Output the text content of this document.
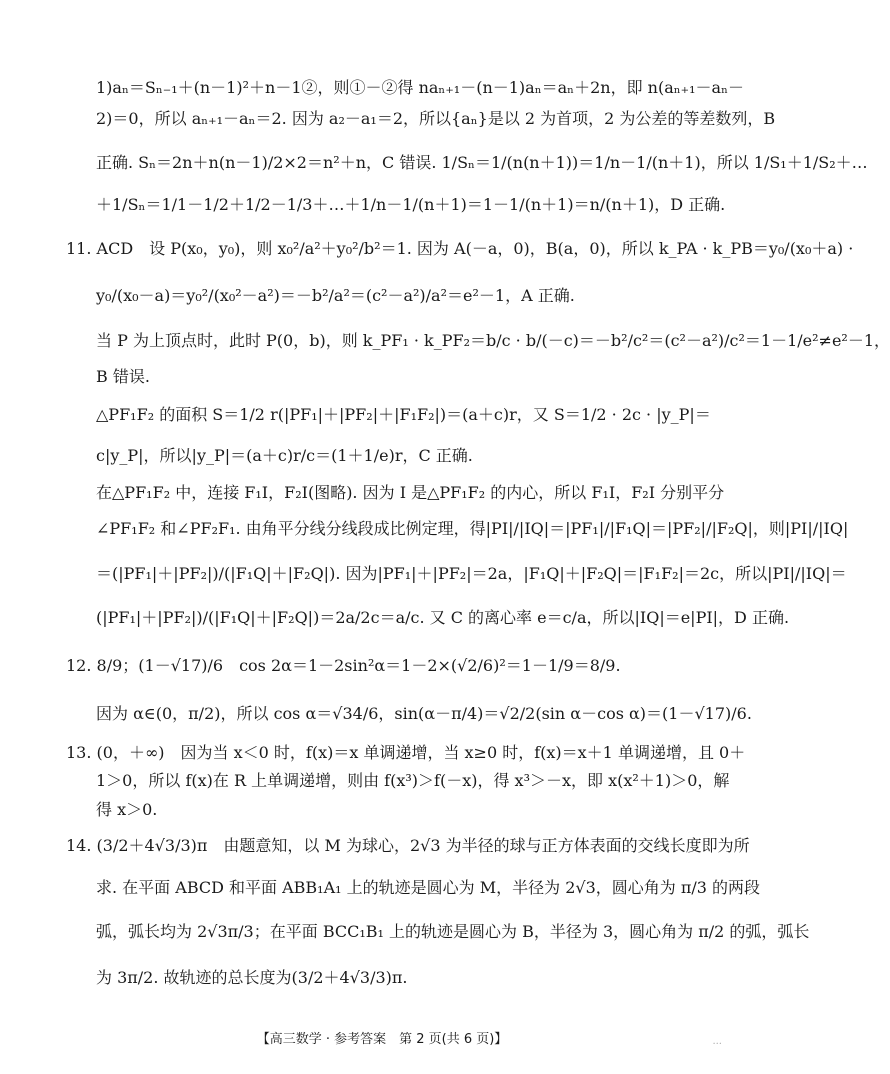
1)aₙ＝Sₙ₋₁＋(n－1)²＋n－1②，则①－②得 naₙ₊₁－(n－1)aₙ＝aₙ＋2n，即 n(aₙ₊₁－aₙ－
2)＝0，所以 aₙ₊₁－aₙ＝2. 因为 a₂－a₁＝2，所以{aₙ}是以 2 为首项，2 为公差的等差数列，B
正确. Sₙ＝2n＋n(n－1)/2×2＝n²＋n，C 错误. 1/Sₙ＝1/(n(n＋1))＝1/n－1/(n＋1)，所以 1/S₁＋1/S₂＋…
＋1/Sₙ＝1/1－1/2＋1/2－1/3＋…＋1/n－1/(n＋1)＝1－1/(n＋1)＝n/(n＋1)，D 正确.
11. ACD　设 P(x₀，y₀)，则 x₀²/a²＋y₀²/b²＝1. 因为 A(－a，0)，B(a，0)，所以 k_PA · k_PB＝y₀/(x₀＋a) ·
y₀/(x₀－a)＝y₀²/(x₀²－a²)＝－b²/a²＝(c²－a²)/a²＝e²－1，A 正确.
当 P 为上顶点时，此时 P(0，b)，则 k_PF₁ · k_PF₂＝b/c · b/(－c)＝－b²/c²＝(c²－a²)/c²＝1－1/e²≠e²－1，
B 错误.
△PF₁F₂ 的面积 S＝1/2 r(|PF₁|＋|PF₂|＋|F₁F₂|)＝(a＋c)r，又 S＝1/2 · 2c · |y_P|＝
c|y_P|，所以|y_P|＝(a＋c)r/c＝(1＋1/e)r，C 正确.
在△PF₁F₂ 中，连接 F₁I，F₂I(图略). 因为 I 是△PF₁F₂ 的内心，所以 F₁I，F₂I 分别平分
∠PF₁F₂ 和∠PF₂F₁. 由角平分线分线段成比例定理，得|PI|/|IQ|＝|PF₁|/|F₁Q|＝|PF₂|/|F₂Q|，则|PI|/|IQ|
＝(|PF₁|＋|PF₂|)/(|F₁Q|＋|F₂Q|). 因为|PF₁|＋|PF₂|＝2a，|F₁Q|＋|F₂Q|＝|F₁F₂|＝2c，所以|PI|/|IQ|＝
(|PF₁|＋|PF₂|)/(|F₁Q|＋|F₂Q|)＝2a/2c＝a/c. 又 C 的离心率 e＝c/a，所以|IQ|＝e|PI|，D 正确.
12. 8/9；(1－√17)/6　cos 2α＝1－2sin²α＝1－2×(√2/6)²＝1－1/9＝8/9.
因为 α∈(0，π/2)，所以 cos α＝√34/6，sin(α－π/4)＝√2/2(sin α－cos α)＝(1－√17)/6.
13. (0，＋∞)　因为当 x＜0 时，f(x)＝x 单调递增，当 x≥0 时，f(x)＝x＋1 单调递增，且 0＋
1＞0，所以 f(x)在 R 上单调递增，则由 f(x³)＞f(－x)，得 x³＞－x，即 x(x²＋1)＞0，解
得 x＞0.
14. (3/2＋4√3/3)π　由题意知，以 M 为球心，2√3 为半径的球与正方体表面的交线长度即为所
求. 在平面 ABCD 和平面 ABB₁A₁ 上的轨迹是圆心为 M，半径为 2√3，圆心角为 π/3 的两段
弧，弧长均为 2√3π/3；在平面 BCC₁B₁ 上的轨迹是圆心为 B，半径为 3，圆心角为 π/2 的弧，弧长
为 3π/2. 故轨迹的总长度为(3/2＋4√3/3)π.
【高三数学 · 参考答案　第 2 页(共 6 页)】	...
